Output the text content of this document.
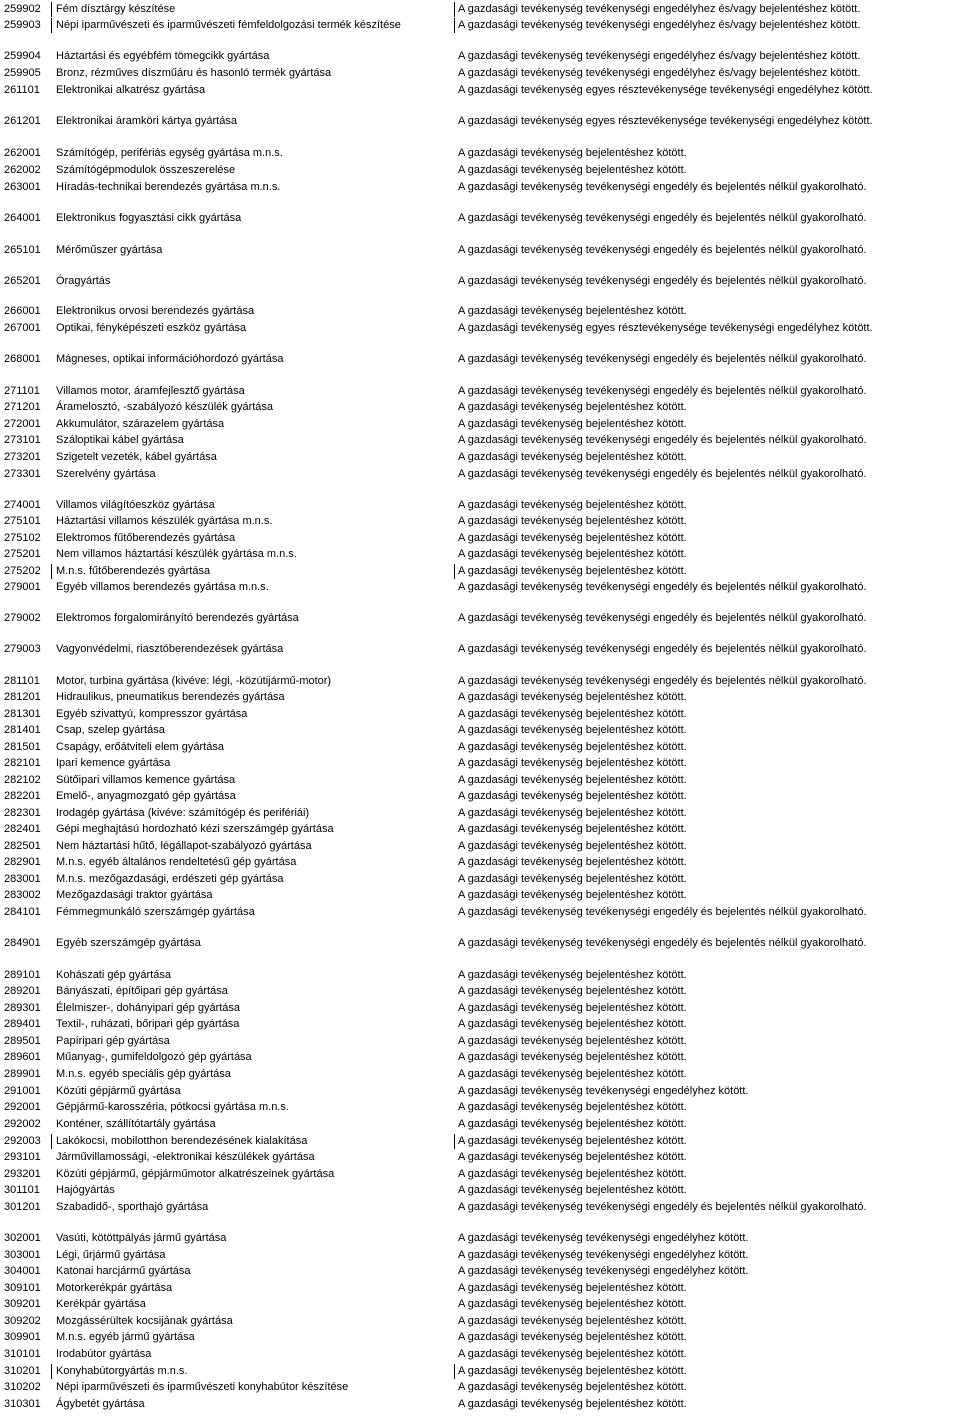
259902	Fém dísztárgy készítése	A gazdasági tevékenység tevékenységi engedélyhez és/vagy bejelentéshez kötött.
259903	Népi iparművészeti és iparművészeti fémfeldolgozási termék készítése	A gazdasági tevékenység tevékenységi engedélyhez és/vagy bejelentéshez kötött.
259904	Háztartási és egyébfém tömegcikk gyártása	A gazdasági tevékenység tevékenységi engedélyhez és/vagy bejelentéshez kötött.
259905	Bronz, rézműves díszműáru és hasonló termék gyártása	A gazdasági tevékenység tevékenységi engedélyhez és/vagy bejelentéshez kötött.
261101	Elektronikai alkatrész gyártása	A gazdasági tevékenység egyes résztevékenysége tevékenységi engedélyhez kötött.
261201	Elektronikai áramköri kártya gyártása	A gazdasági tevékenység egyes résztevékenysége tevékenységi engedélyhez kötött.
262001	Számítógép, perifériás egység gyártása m.n.s.	A gazdasági tevékenység bejelentéshez kötött.
262002	Számítógépmodulok összeszerelése	A gazdasági tevékenység bejelentéshez kötött.
263001	Híradás-technikai berendezés gyártása m.n.s.	A gazdasági tevékenység tevékenységi engedély és bejelentés nélkül gyakorolható.
264001	Elektronikus fogyasztási cikk gyártása	A gazdasági tevékenység tevékenységi engedély és bejelentés nélkül gyakorolható.
265101	Mérőműszer gyártása	A gazdasági tevékenység tevékenységi engedély és bejelentés nélkül gyakorolható.
265201	Óragyártás	A gazdasági tevékenység tevékenységi engedély és bejelentés nélkül gyakorolható.
266001	Elektronikus orvosi berendezés gyártása	A gazdasági tevékenység bejelentéshez kötött.
267001	Optikai, fényképészeti eszköz gyártása	A gazdasági tevékenység egyes résztevékenysége tevékenységi engedélyhez kötött.
268001	Mágneses, optikai információhordozó gyártása	A gazdasági tevékenység tevékenységi engedély és bejelentés nélkül gyakorolható.
271101	Villamos motor, áramfejlesztő gyártása	A gazdasági tevékenység tevékenységi engedély és bejelentés nélkül gyakorolható.
271201	Áramelosztó, -szabályozó készülék gyártása	A gazdasági tevékenység bejelentéshez kötött.
272001	Akkumulátor, szárazelem gyártása	A gazdasági tevékenység bejelentéshez kötött.
273101	Száloptikai kábel gyártása	A gazdasági tevékenység tevékenységi engedély és bejelentés nélkül gyakorolható.
273201	Szigetelt vezeték, kábel gyártása	A gazdasági tevékenység bejelentéshez kötött.
273301	Szerelvény gyártása	A gazdasági tevékenység tevékenységi engedély és bejelentés nélkül gyakorolható.
274001	Villamos világítóeszköz gyártása	A gazdasági tevékenység bejelentéshez kötött.
275101	Háztartási villamos készülék gyártása m.n.s.	A gazdasági tevékenység bejelentéshez kötött.
275102	Elektromos fűtőberendezés gyártása	A gazdasági tevékenység bejelentéshez kötött.
275201	Nem villamos háztartási készülék gyártása m.n.s.	A gazdasági tevékenység bejelentéshez kötött.
275202	M.n.s. fűtőberendezés gyártása	A gazdasági tevékenység bejelentéshez kötött.
279001	Egyéb villamos berendezés gyártása m.n.s.	A gazdasági tevékenység tevékenységi engedély és bejelentés nélkül gyakorolható.
279002	Elektromos forgalomirányító berendezés gyártása	A gazdasági tevékenység tevékenységi engedély és bejelentés nélkül gyakorolható.
279003	Vagyonvédelmi, riasztóberendezések gyártása	A gazdasági tevékenység tevékenységi engedély és bejelentés nélkül gyakorolható.
281101	Motor, turbina gyártása (kivéve: légi, -közútijármű-motor)	A gazdasági tevékenység tevékenységi engedély és bejelentés nélkül gyakorolható.
281201	Hidraulikus, pneumatikus berendezés gyártása	A gazdasági tevékenység bejelentéshez kötött.
281301	Egyéb szivattyú, kompresszor gyártása	A gazdasági tevékenység bejelentéshez kötött.
281401	Csap, szelep gyártása	A gazdasági tevékenység bejelentéshez kötött.
281501	Csapágy, erőátviteli elem gyártása	A gazdasági tevékenység bejelentéshez kötött.
282101	Ipari kemence gyártása	A gazdasági tevékenység bejelentéshez kötött.
282102	Sütőipari villamos kemence gyártása	A gazdasági tevékenység bejelentéshez kötött.
282201	Emelő-, anyagmozgató gép gyártása	A gazdasági tevékenység bejelentéshez kötött.
282301	Irodagép gyártása (kivéve: számítógép és perifériái)	A gazdasági tevékenység bejelentéshez kötött.
282401	Gépi meghajtású hordozható kézi szerszámgép gyártása	A gazdasági tevékenység bejelentéshez kötött.
282501	Nem háztartási hűtő, légállapot-szabályozó gyártása	A gazdasági tevékenység bejelentéshez kötött.
282901	M.n.s. egyéb általános rendeltetésű gép gyártása	A gazdasági tevékenység bejelentéshez kötött.
283001	M.n.s. mezőgazdasági, erdészeti gép gyártása	A gazdasági tevékenység bejelentéshez kötött.
283002	Mezőgazdasági traktor gyártása	A gazdasági tevékenység bejelentéshez kötött.
284101	Fémmegmunkáló szerszámgép gyártása	A gazdasági tevékenység tevékenységi engedély és bejelentés nélkül gyakorolható.
284901	Egyéb szerszámgép gyártása	A gazdasági tevékenység tevékenységi engedély és bejelentés nélkül gyakorolható.
289101	Kohászati gép gyártása	A gazdasági tevékenység bejelentéshez kötött.
289201	Bányászati, építőipari gép gyártása	A gazdasági tevékenység bejelentéshez kötött.
289301	Élelmiszer-, dohányipari gép gyártása	A gazdasági tevékenység bejelentéshez kötött.
289401	Textil-, ruházati, bőripari gép gyártása	A gazdasági tevékenység bejelentéshez kötött.
289501	Papíripari gép gyártása	A gazdasági tevékenység bejelentéshez kötött.
289601	Műanyag-, gumifeldolgozó gép gyártása	A gazdasági tevékenység bejelentéshez kötött.
289901	M.n.s. egyéb speciális gép gyártása	A gazdasági tevékenység bejelentéshez kötött.
291001	Közúti gépjármű gyártása	A gazdasági tevékenység tevékenységi engedélyhez kötött.
292001	Gépjármű-karosszéria, pótkocsi gyártása m.n.s.	A gazdasági tevékenység bejelentéshez kötött.
292002	Konténer, szállítótartály gyártása	A gazdasági tevékenység bejelentéshez kötött.
292003	Lakókocsi, mobilotthon berendezésének kialakítása	A gazdasági tevékenység bejelentéshez kötött.
293101	Járművillamossági, -elektronikai készülékek gyártása	A gazdasági tevékenység bejelentéshez kötött.
293201	Közúti gépjármű, gépjárműmotor alkatrészeinek gyártása	A gazdasági tevékenység bejelentéshez kötött.
301101	Hajógyártás	A gazdasági tevékenység bejelentéshez kötött.
301201	Szabadidő-, sporthajó gyártása	A gazdasági tevékenység tevékenységi engedély és bejelentés nélkül gyakorolható.
302001	Vasúti, kötöttpályás jármű gyártása	A gazdasági tevékenység tevékenységi engedélyhez kötött.
303001	Légi, űrjármű gyártása	A gazdasági tevékenység tevékenységi engedélyhez kötött.
304001	Katonai harcjármű gyártása	A gazdasági tevékenység tevékenységi engedélyhez kötött.
309101	Motorkerékpár gyártása	A gazdasági tevékenység bejelentéshez kötött.
309201	Kerékpár gyártása	A gazdasági tevékenység bejelentéshez kötött.
309202	Mozgássérültek kocsijának gyártása	A gazdasági tevékenység bejelentéshez kötött.
309901	M.n.s. egyéb jármű gyártása	A gazdasági tevékenység bejelentéshez kötött.
310101	Irodabútor gyártása	A gazdasági tevékenység bejelentéshez kötött.
310201	Konyhabútorgyártás m.n.s.	A gazdasági tevékenység bejelentéshez kötött.
310202	Népi iparművészeti és iparművészeti konyhabútor készítése	A gazdasági tevékenység bejelentéshez kötött.
310301	Ágybetét gyártása	A gazdasági tevékenység bejelentéshez kötött.
